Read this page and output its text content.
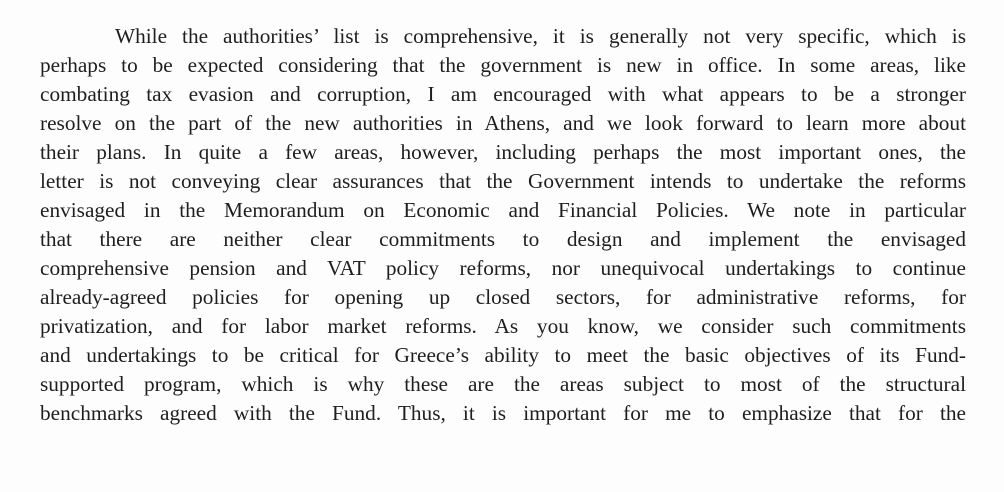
While the authorities’ list is comprehensive, it is generally not very specific, which is
perhaps to be expected considering that the government is new in office. In some areas, like
combating tax evasion and corruption, I am encouraged with what appears to be a stronger
resolve on the part of the new authorities in Athens, and we look forward to learn more about
their plans. In quite a few areas, however, including perhaps the most important ones, the
letter is not conveying clear assurances that the Government intends to undertake the reforms
envisaged in the Memorandum on Economic and Financial Policies. We note in particular
that there are neither clear commitments to design and implement the envisaged
comprehensive pension and VAT policy reforms, nor unequivocal undertakings to continue
already-agreed policies for opening up closed sectors, for administrative reforms, for
privatization, and for labor market reforms. As you know, we consider such commitments
and undertakings to be critical for Greece’s ability to meet the basic objectives of its Fund-
supported program, which is why these are the areas subject to most of the structural
benchmarks agreed with the Fund. Thus, it is important for me to emphasize that for the
